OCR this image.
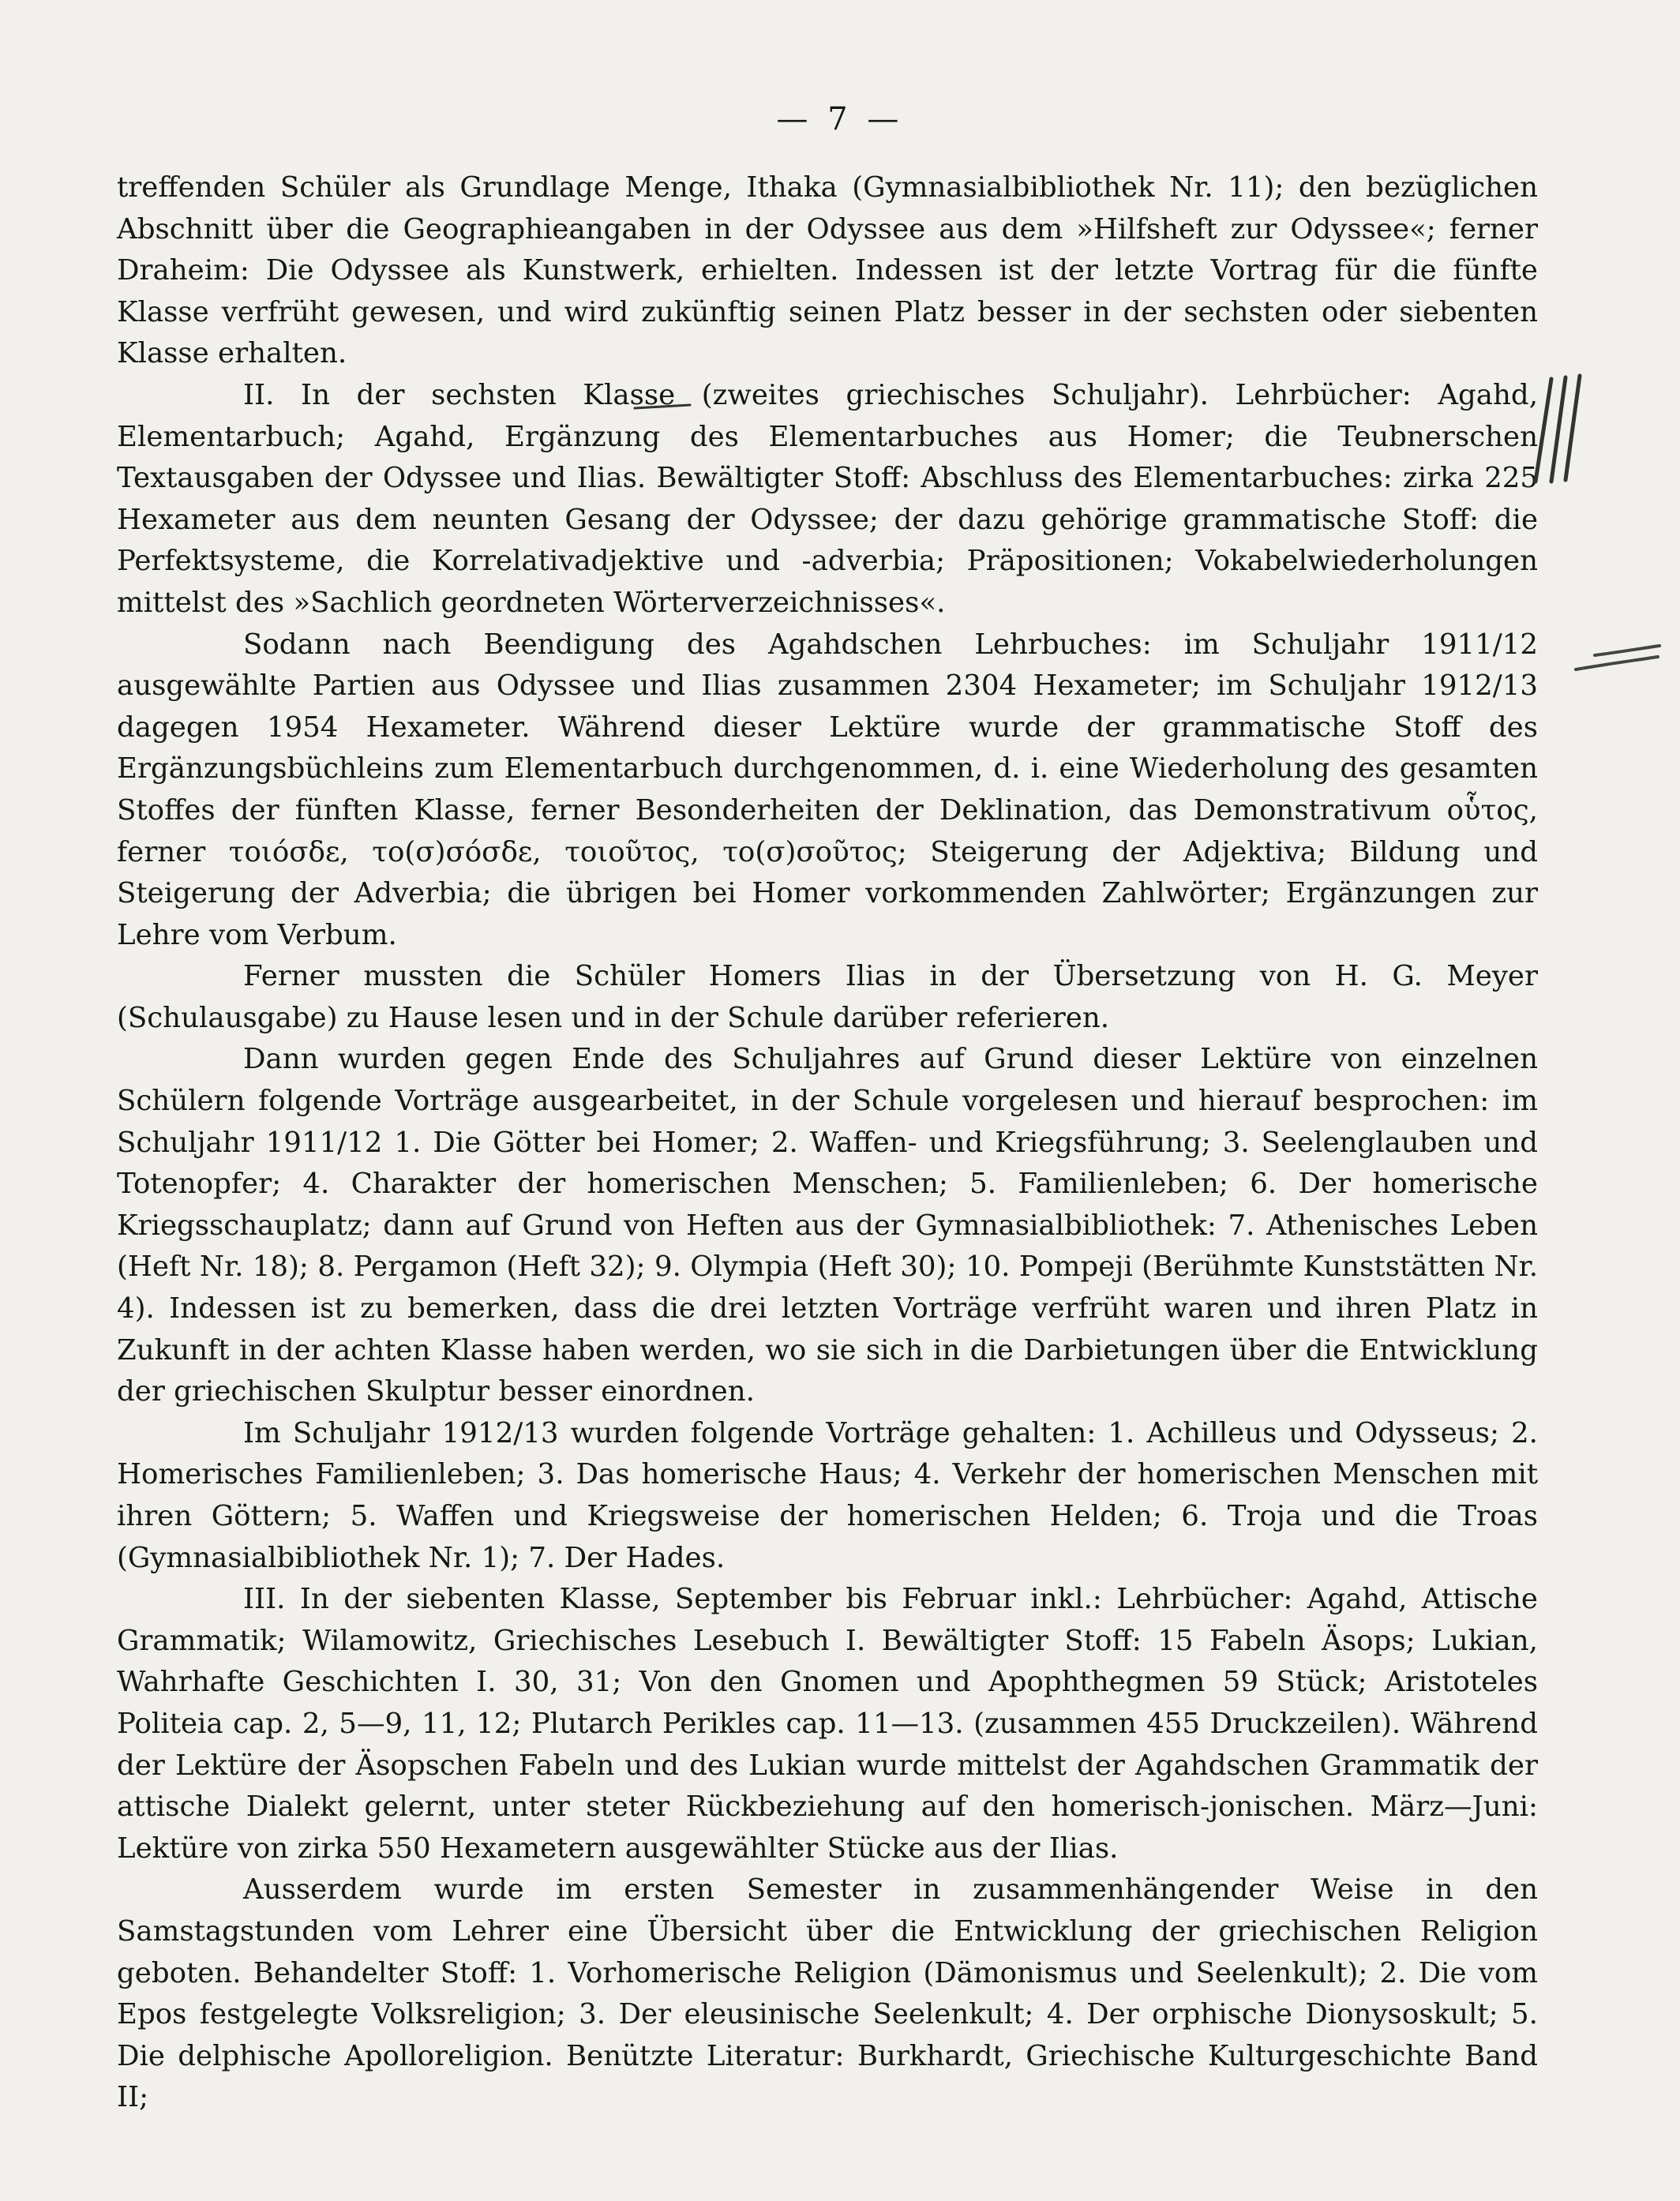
— 7 —

treffenden Schüler als Grundlage Menge, Ithaka (Gymnasialbibliothek Nr. 11); den bezüglichen Abschnitt über die Geographieangaben in der Odyssee aus dem »Hilfsheft zur Odyssee«; ferner Draheim: Die Odyssee als Kunstwerk, erhielten. Indessen ist der letzte Vortrag für die fünfte Klasse verfrüht gewesen, und wird zukünftig seinen Platz besser in der sechsten oder siebenten Klasse erhalten.

II. In der sechsten Klasse (zweites griechisches Schuljahr). Lehrbücher: Agahd, Elementarbuch; Agahd, Ergänzung des Elementarbuches aus Homer; die Teubnerschen Textausgaben der Odyssee und Ilias. Bewältigter Stoff: Abschluss des Elementarbuches: zirka 225 Hexameter aus dem neunten Gesang der Odyssee; der dazu gehörige grammatische Stoff: die Perfektsysteme, die Korrelativadjektive und -adverbia; Präpositionen; Vokabelwiederholungen mittelst des »Sachlich geordneten Wörterverzeichnisses«.

Sodann nach Beendigung des Agahdschen Lehrbuches: im Schuljahr 1911/12 ausgewählte Partien aus Odyssee und Ilias zusammen 2304 Hexameter; im Schuljahr 1912/13 dagegen 1954 Hexameter. Während dieser Lektüre wurde der grammatische Stoff des Ergänzungsbüchleins zum Elementarbuch durchgenommen, d. i. eine Wiederholung des gesamten Stoffes der fünften Klasse, ferner Besonderheiten der Deklination, das Demonstrativum οὗτος, ferner τοιόσδε, το(σ)σόσδε, τοιοῦτος, το(σ)σοῦτος; Steigerung der Adjektiva; Bildung und Steigerung der Adverbia; die übrigen bei Homer vorkommenden Zahlwörter; Ergänzungen zur Lehre vom Verbum.

Ferner mussten die Schüler Homers Ilias in der Übersetzung von H. G. Meyer (Schulausgabe) zu Hause lesen und in der Schule darüber referieren.

Dann wurden gegen Ende des Schuljahres auf Grund dieser Lektüre von einzelnen Schülern folgende Vorträge ausgearbeitet, in der Schule vorgelesen und hierauf besprochen: im Schuljahr 1911/12 1. Die Götter bei Homer; 2. Waffen- und Kriegsführung; 3. Seelenglauben und Totenopfer; 4. Charakter der homerischen Menschen; 5. Familienleben; 6. Der homerische Kriegsschauplatz; dann auf Grund von Heften aus der Gymnasialbibliothek: 7. Athenisches Leben (Heft Nr. 18); 8. Pergamon (Heft 32); 9. Olympia (Heft 30); 10. Pompeji (Berühmte Kunststätten Nr. 4). Indessen ist zu bemerken, dass die drei letzten Vorträge verfrüht waren und ihren Platz in Zukunft in der achten Klasse haben werden, wo sie sich in die Darbietungen über die Entwicklung der griechischen Skulptur besser einordnen.

Im Schuljahr 1912/13 wurden folgende Vorträge gehalten: 1. Achilleus und Odysseus; 2. Homerisches Familienleben; 3. Das homerische Haus; 4. Verkehr der homerischen Menschen mit ihren Göttern; 5. Waffen und Kriegsweise der homerischen Helden; 6. Troja und die Troas (Gymnasialbibliothek Nr. 1); 7. Der Hades.

III. In der siebenten Klasse, September bis Februar inkl.: Lehrbücher: Agahd, Attische Grammatik; Wilamowitz, Griechisches Lesebuch I. Bewältigter Stoff: 15 Fabeln Äsops; Lukian, Wahrhafte Geschichten I. 30, 31; Von den Gnomen und Apophthegmen 59 Stück; Aristoteles Politeia cap. 2, 5—9, 11, 12; Plutarch Perikles cap. 11—13. (zusammen 455 Druckzeilen). Während der Lektüre der Äsopschen Fabeln und des Lukian wurde mittelst der Agahdschen Grammatik der attische Dialekt gelernt, unter steter Rückbeziehung auf den homerisch-jonischen. März—Juni: Lektüre von zirka 550 Hexametern ausgewählter Stücke aus der Ilias.

Ausserdem wurde im ersten Semester in zusammenhängender Weise in den Samstagstunden vom Lehrer eine Übersicht über die Entwicklung der griechischen Religion geboten. Behandelter Stoff: 1. Vorhomerische Religion (Dämonismus und Seelenkult); 2. Die vom Epos festgelegte Volksreligion; 3. Der eleusinische Seelenkult; 4. Der orphische Dionysoskult; 5. Die delphische Apolloreligion. Benützte Literatur: Burkhardt, Griechische Kulturgeschichte Band II;
